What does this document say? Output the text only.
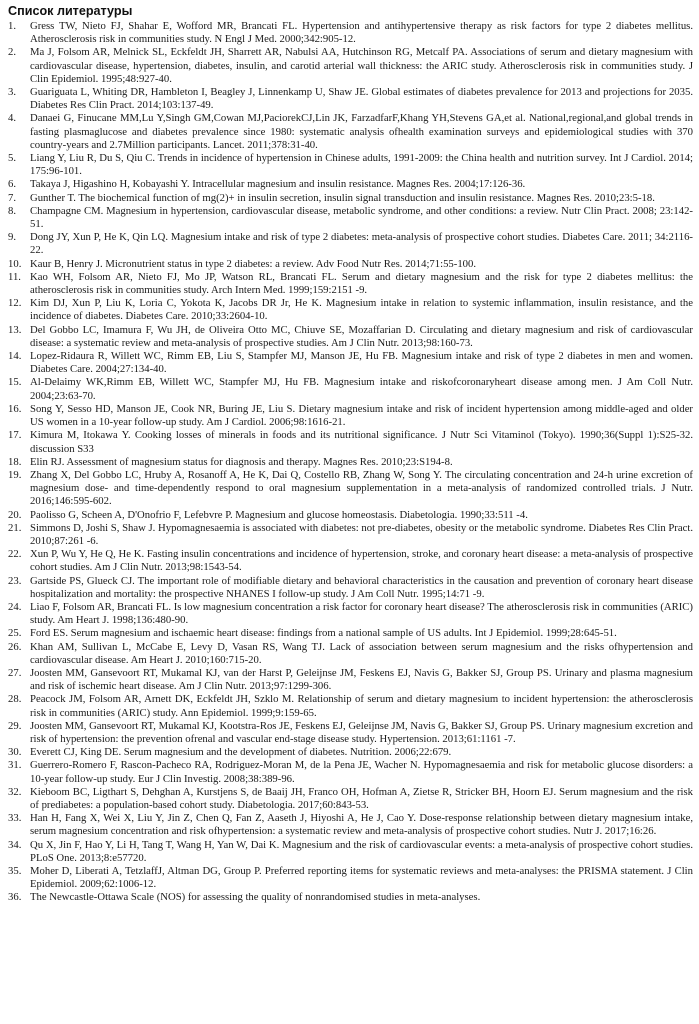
Список литературы
1.	Gress TW, Nieto FJ, Shahar E, Wofford MR, Brancati FL. Hypertension and antihypertensive therapy as risk factors for type 2 diabetes mellitus. Atherosclerosis risk in communities study. N Engl J Med. 2000;342:905-12.
2.	Ma J, Folsom AR, Melnick SL, Eckfeldt JH, Sharrett AR, Nabulsi AA, Hutchinson RG, Metcalf PA. Associations of serum and dietary magnesium with cardiovascular disease, hypertension, diabetes, insulin, and carotid arterial wall thickness: the ARIC study. Atherosclerosis risk in communities study. J Clin Epidemiol. 1995;48:927-40.
3.	Guariguata L, Whiting DR, Hambleton I, Beagley J, Linnenkamp U, Shaw JE. Global estimates of diabetes prevalence for 2013 and projections for 2035. Diabetes Res Clin Pract. 2014;103:137-49.
4.	Danaei G, Finucane MM,Lu Y,Singh GM,Cowan MJ,PaciorekCJ,Lin JK, FarzadfarF,Khang YH,Stevens GA,et al. National,regional,and global trends in fasting plasmaglucose and diabetes prevalence since 1980: systematic analysis ofhealth examination surveys and epidemiological studies with 370 country-years and 2.7Million participants. Lancet. 2011;378:31-40.
5.	Liang Y, Liu R, Du S, Qiu C. Trends in incidence of hypertension in Chinese adults, 1991-2009: the China health and nutrition survey. Int J Cardiol. 2014; 175:96-101.
6.	Takaya J, Higashino H, Kobayashi Y. Intracellular magnesium and insulin resistance. Magnes Res. 2004;17:126-36.
7.	Gunther T. The biochemical function of mg(2)+ in insulin secretion, insulin signal transduction and insulin resistance. Magnes Res. 2010;23:5-18.
8.	Champagne CM. Magnesium in hypertension, cardiovascular disease, metabolic syndrome, and other conditions: a review. Nutr Clin Pract. 2008; 23:142-51.
9.	Dong JY, Xun P, He K, Qin LQ. Magnesium intake and risk of type 2 diabetes: meta-analysis of prospective cohort studies. Diabetes Care. 2011; 34:2116-22.
10. Kaur B, Henry J. Micronutrient status in type 2 diabetes: a review. Adv Food Nutr Res. 2014;71:55-100.
11. Kao WH, Folsom AR, Nieto FJ, Mo JP, Watson RL, Brancati FL. Serum and dietary magnesium and the risk for type 2 diabetes mellitus: the atherosclerosis risk in communities study. Arch Intern Med. 1999;159:2151 -9.
12. Kim DJ, Xun P, Liu K, Loria C, Yokota K, Jacobs DR Jr, He K. Magnesium intake in relation to systemic inflammation, insulin resistance, and the incidence of diabetes. Diabetes Care. 2010;33:2604-10.
13. Del Gobbo LC, Imamura F, Wu JH, de Oliveira Otto MC, Chiuve SE, Mozaffarian D. Circulating and dietary magnesium and risk of cardiovascular disease: a systematic review and meta-analysis of prospective studies. Am J Clin Nutr. 2013;98:160-73.
14. Lopez-Ridaura R, Willett WC, Rimm EB, Liu S, Stampfer MJ, Manson JE, Hu FB. Magnesium intake and risk of type 2 diabetes in men and women. Diabetes Care. 2004;27:134-40.
15. Al-Delaimy WK,Rimm EB, Willett WC, Stampfer MJ, Hu FB. Magnesium intake and riskofcoronaryheart disease among men. J Am Coll Nutr. 2004;23:63-70.
16. Song Y, Sesso HD, Manson JE, Cook NR, Buring JE, Liu S. Dietary magnesium intake and risk of incident hypertension among middle-aged and older US women in a 10-year follow-up study. Am J Cardiol. 2006;98:1616-21.
17. Kimura M, Itokawa Y. Cooking losses of minerals in foods and its nutritional significance. J Nutr Sci Vitaminol (Tokyo). 1990;36(Suppl 1):S25-32. discussion S33
18. Elin RJ. Assessment of magnesium status for diagnosis and therapy. Magnes Res. 2010;23:S194-8.
19. Zhang X, Del Gobbo LC, Hruby A, Rosanoff A, He K, Dai Q, Costello RB, Zhang W, Song Y. The circulating concentration and 24-h urine excretion of magnesium dose- and time-dependently respond to oral magnesium supplementation in a meta-analysis of randomized controlled trials. J Nutr. 2016;146:595-602.
20. Paolisso G, Scheen A, D'Onofrio F, Lefebvre P. Magnesium and glucose homeostasis. Diabetologia. 1990;33:511 -4.
21. Simmons D, Joshi S, Shaw J. Hypomagnesaemia is associated with diabetes: not pre-diabetes, obesity or the metabolic syndrome. Diabetes Res Clin Pract. 2010;87:261 -6.
22. Xun P, Wu Y, He Q, He K. Fasting insulin concentrations and incidence of hypertension, stroke, and coronary heart disease: a meta-analysis of prospective cohort studies. Am J Clin Nutr. 2013;98:1543-54.
23. Gartside PS, Glueck CJ. The important role of modifiable dietary and behavioral characteristics in the causation and prevention of coronary heart disease hospitalization and mortality: the prospective NHANES I follow-up study. J Am Coll Nutr. 1995;14:71 -9.
24. Liao F, Folsom AR, Brancati FL. Is low magnesium concentration a risk factor for coronary heart disease? The atherosclerosis risk in communities (ARIC) study. Am Heart J. 1998;136:480-90.
25. Ford ES. Serum magnesium and ischaemic heart disease: findings from a national sample of US adults. Int J Epidemiol. 1999;28:645-51.
26. Khan AM, Sullivan L, McCabe E, Levy D, Vasan RS, Wang TJ. Lack of association between serum magnesium and the risks ofhypertension and cardiovascular disease. Am Heart J. 2010;160:715-20.
27. Joosten MM, Gansevoort RT, Mukamal KJ, van der Harst P, Geleijnse JM, Feskens EJ, Navis G, Bakker SJ, Group PS. Urinary and plasma magnesium and risk of ischemic heart disease. Am J Clin Nutr. 2013;97:1299-306.
28. Peacock JM, Folsom AR, Arnett DK, Eckfeldt JH, Szklo M. Relationship of serum and dietary magnesium to incident hypertension: the atherosclerosis risk in communities (ARIC) study. Ann Epidemiol. 1999;9:159-65.
29. Joosten MM, Gansevoort RT, Mukamal KJ, Kootstra-Ros JE, Feskens EJ, Geleijnse JM, Navis G, Bakker SJ, Group PS. Urinary magnesium excretion and risk of hypertension: the prevention ofrenal and vascular end-stage disease study. Hypertension. 2013;61:1161 -7.
30. Everett CJ, King DE. Serum magnesium and the development of diabetes. Nutrition. 2006;22:679.
31. Guerrero-Romero F, Rascon-Pacheco RA, Rodriguez-Moran M, de la Pena JE, Wacher N. Hypomagnesaemia and risk for metabolic glucose disorders: a 10-year follow-up study. Eur J Clin Investig. 2008;38:389-96.
32. Kieboom BC, Ligthart S, Dehghan A, Kurstjens S, de Baaij JH, Franco OH, Hofman A, Zietse R, Stricker BH, Hoorn EJ. Serum magnesium and the risk of prediabetes: a population-based cohort study. Diabetologia. 2017;60:843-53.
33. Han H, Fang X, Wei X, Liu Y, Jin Z, Chen Q, Fan Z, Aaseth J, Hiyoshi A, He J, Cao Y. Dose-response relationship between dietary magnesium intake, serum magnesium concentration and risk ofhypertension: a systematic review and meta-analysis of prospective cohort studies. Nutr J. 2017;16:26.
34. Qu X, Jin F, Hao Y, Li H, Tang T, Wang H, Yan W, Dai K. Magnesium and the risk of cardiovascular events: a meta-analysis of prospective cohort studies. PLoS One. 2013;8:e57720.
35. Moher D, Liberati A, TetzlaffJ, Altman DG, Group P. Preferred reporting items for systematic reviews and meta-analyses: the PRISMA statement. J Clin Epidemiol. 2009;62:1006-12.
36. The Newcastle-Ottawa Scale (NOS) for assessing the quality of nonrandomised studies in meta-analyses.
